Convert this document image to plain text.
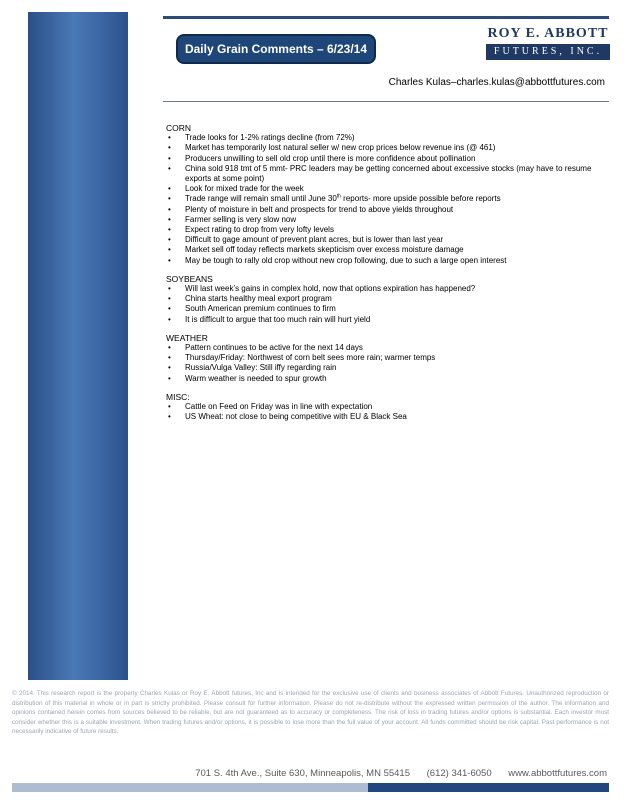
Daily Grain Comments – 6/23/14
ROY E. ABBOTT
FUTURES, INC.
Charles Kulas–charles.kulas@abbottfutures.com
CORN
• Trade looks for 1-2% ratings decline (from 72%)
• Market has temporarily lost natural seller w/ new crop prices below revenue ins (@ 461)
• Producers unwilling to sell old crop until there is more confidence about pollination
• China sold 918 tmt of 5 mmt- PRC leaders may be getting concerned about excessive stocks (may have to resume exports at some point)
• Look for mixed trade for the week
• Trade range will remain small until June 30th reports- more upside possible before reports
• Plenty of moisture in belt and prospects for trend to above yields throughout
• Farmer selling is very slow now
• Expect rating to drop from very lofty levels
• Difficult to gage amount of prevent plant acres, but is lower than last year
• Market sell off today reflects markets skepticism over excess moisture damage
• May be tough to rally old crop without new crop following, due to such a large open interest
SOYBEANS
• Will last week’s gains in complex hold, now that options expiration has happened?
• China starts healthy meal export program
• South American premium continues to firm
• It is difficult to argue that too much rain will hurt yield
WEATHER
• Pattern continues to be active for the next 14 days
• Thursday/Friday: Northwest of corn belt sees more rain; warmer temps
• Russia/Vulga Valley: Still iffy regarding rain
• Warm weather is needed to spur growth
MISC:
• Cattle on Feed on Friday was in line with expectation
• US Wheat: not close to being competitive with EU & Black Sea
© 2014. This research report is the property Charles Kulas or Roy E. Abbott futures, Inc and is intended for the exclusive use of clients and business associates of Abbott Futures. Unauthorized reproduction or distribution of this material in whole or in part is strictly prohibited. Please consult for further information. Please do not re-distribute without the expressed written permission of the author. The information and opinions contained herein comes from sources believed to be reliable, but are not guaranteed as to accuracy or completeness. The risk of loss in trading futures and/or options is substantial. Each investor must consider whether this is a suitable investment. When trading futures and/or options, it is possible to lose more than the full value of your account. All funds committed should be risk capital. Past performance is not necessarily indicative of future results.
701 S. 4th Ave., Suite 630, Minneapolis, MN 55415 (612) 341-6050 www.abbottfutures.com
